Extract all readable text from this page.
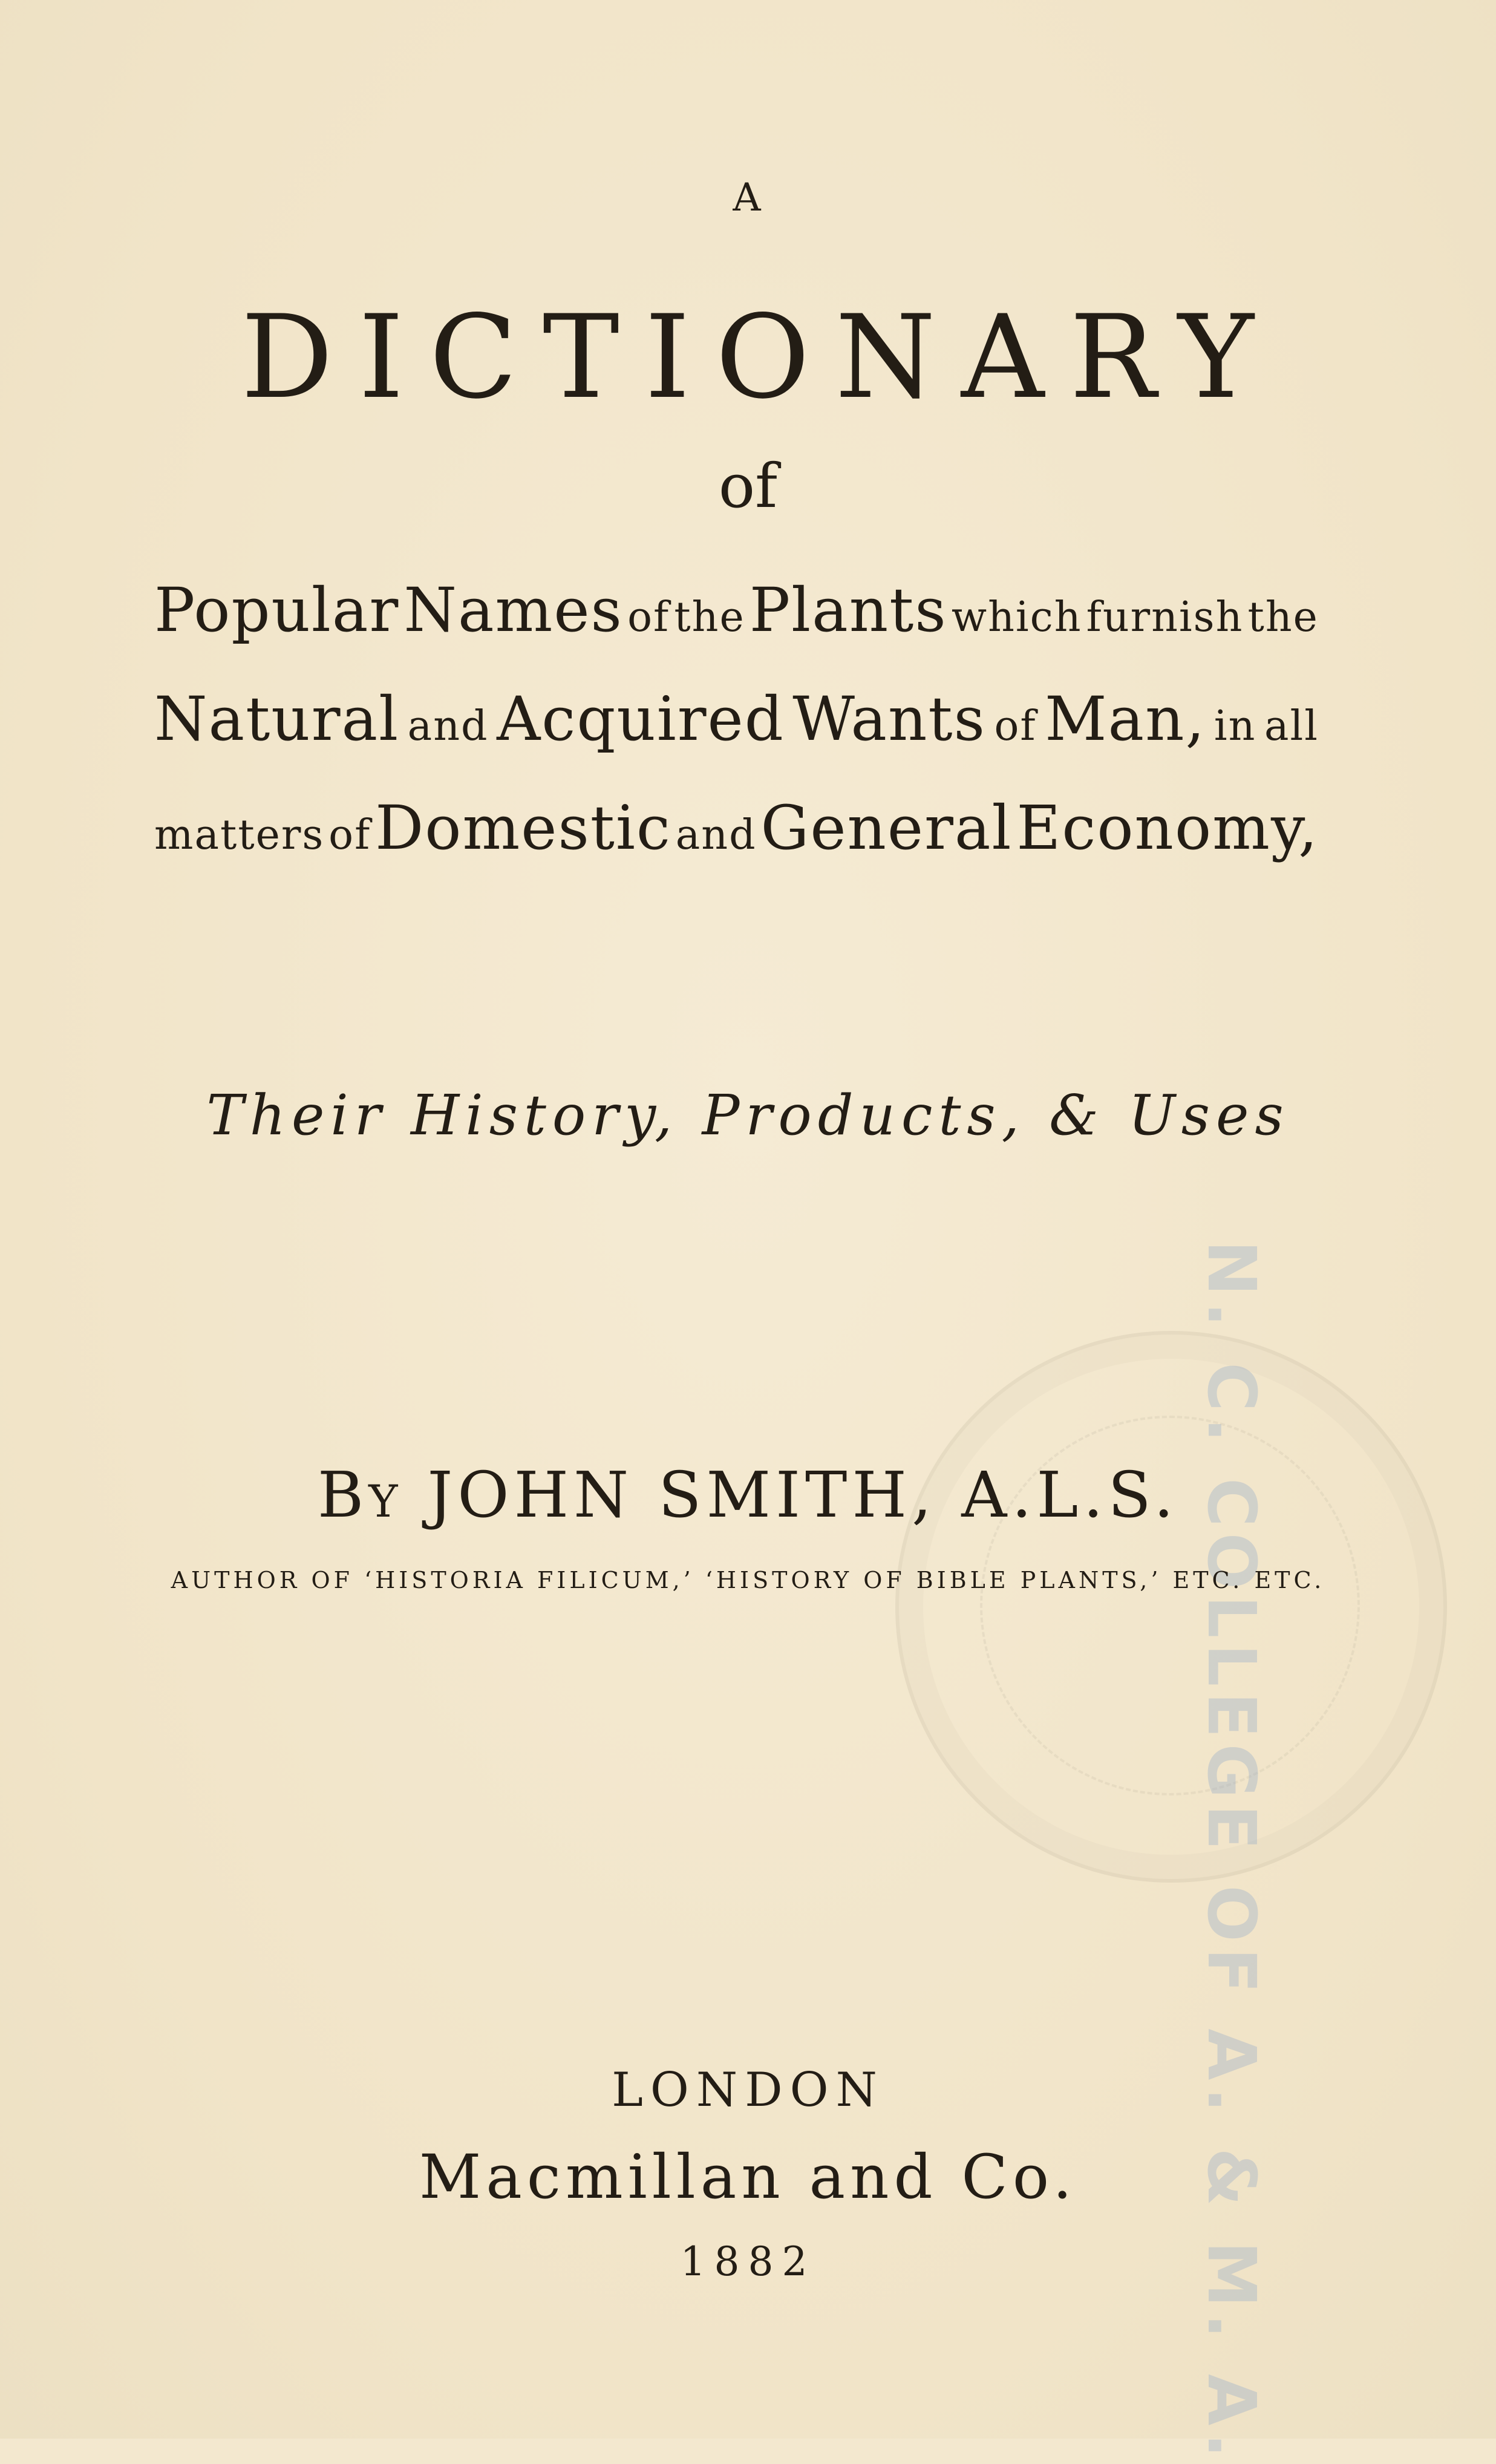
N. C. COLLEGE OF A. & M. A.
A
DICTIONARY
of
Popular Names of the Plants which furnish the
Natural and Acquired Wants of Man, in all
matters of Domestic and General Economy,
Their History, Products, & Uses
By JOHN SMITH, A.L.S.
AUTHOR OF ‘HISTORIA FILICUM,’ ‘HISTORY OF BIBLE PLANTS,’ ETC. ETC.
LONDON
Macmillan and Co.
1882
